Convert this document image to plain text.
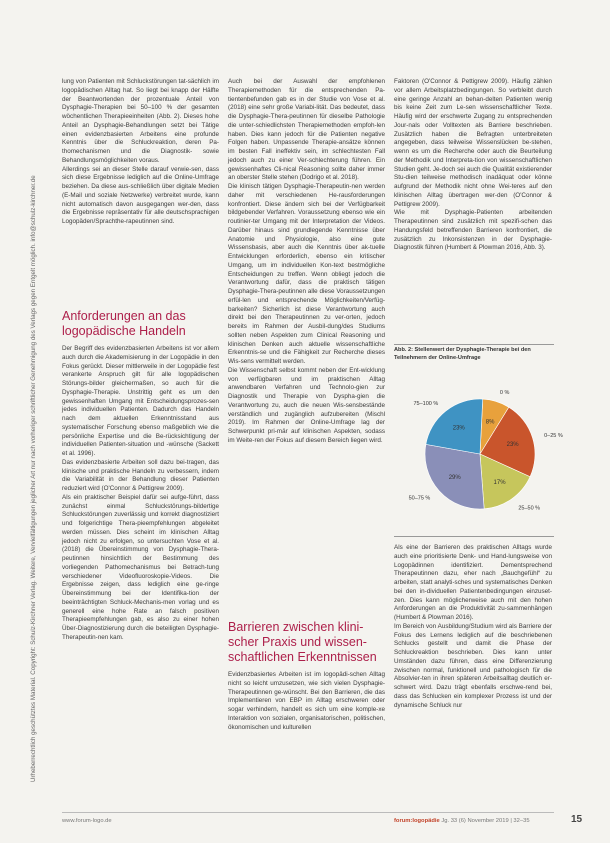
Urheberrechtlich geschütztes Material. Copyright: Schulz-Kirchner Verlag. Weitere, Vervielfältigungen jeglicher Art nur nach vorheriger schriftlicher Genehmigung des Verlags gegen Entgelt möglich. info@schulz-kirchner.de

lung von Patienten mit Schluckstörungen tat-sächlich im logopädischen Alltag hat. So liegt bei knapp der Hälfte der Beantwortenden der prozentuale Anteil von Dysphagie-Therapien bei 50–100 % der gesamten wöchentlichen Therapieeinheiten (Abb. 2). Dieses hohe Anteil an Dysphagie-Behandlungen setzt bei Tätige einen evidenzbasierten Arbeitens eine profunde Kenntnis über die Schluckreaktion, deren Pa-thomechanismen und die Diagnostik- sowie Behandlungsmöglichkeiten voraus.

Allerdings sei an dieser Stelle darauf verwie-sen, dass sich diese Ergebnisse lediglich auf die Online-Umfrage beziehen. Da diese aus-schließlich über digitale Medien (E-Mail und soziale Netzwerke) verbreitet wurde, kann nicht automatisch davon ausgegangen wer-den, dass die Ergebnisse repräsentativ für alle deutschsprachigen Logopäden/Sprachthe-rapeutinnen sind.

Anforderungen an das logopädische Handeln

Der Begriff des evidenzbasierten Arbeitens ist vor allem auch durch die Akademisierung in der Logopädie in den Fokus gerückt. Dieser mittlerweile in der Logopädie fest verankerte Anspruch gilt für alle logopädischen Störungs-bilder gleichermaßen, so auch für die Dysphagie-Therapie. Unstrittig geht es um den gewissenhaften Umgang mit Entscheidungsprozes-sen jedes individuellen Patienten. Dadurch das Handeln nach dem aktuellen Erkenntnisstand aus systematischer Forschung ebenso maßgeblich wie die persönliche Expertise und die Be-rücksichtigung der individuellen Patienten-situation und -wünsche (Sackett et al. 1996).

Das evidenzbasierte Arbeiten soll dazu bei-tragen, das klinische und praktische Handeln zu verbessern, indem die Variabilität in der Behandlung dieser Patienten reduziert wird (O'Connor & Pettigrew 2009).

Als ein praktischer Beispiel dafür sei aufge-führt, dass zunächst einmal Schluckstörungs-bildertige Schluckstörungen zuverlässig und korrekt diagnostiziert und folgerichtige Thera-pieempfehlungen abgeleitet werden müssen. Dies scheint im klinischen Alltag jedoch nicht zu erfolgen, so untersuchten Vose et al. (2018) die Übereinstimmung von Dysphagie-Thera-peutinnen hinsichtlich der Bestimmung des vorliegenden Pathomechanismus bei Betrach-tung verschiedener Videofluoroskopie-Videos. Die Ergebnisse zeigen, dass lediglich eine ge-ringe Übereinstimmung bei der Identifika-tion der beeinträchtigten Schluck-Mechanis-men vorlag und es generell eine hohe Rate an falsch positiven Therapieempfehlungen gab, es also zu einer hohen Über-Diagnostizierung durch die beteiligten Dysphagie-Therapeutin-nen kam.

Auch bei der Auswahl der empfohlenen Therapiemethoden für die entsprechenden Pa-tientenbefunden gab es in der Studie von Vose et al. (2018) eine sehr große Variabi-lität. Das bedeutet, dass die Dysphagie-Thera-peutinnen für dieselbe Pathologie die unter-schiedlichsten Therapiemethoden empfoh-len haben. Dies kann jedoch für die Patienten negative Folgen haben. Unpassende Therapie-ansätze können im besten Fall ineffektiv sein, im schlechtesten Fall jedoch auch zu einer Ver-schlechterung führen. Ein gewissenhaftes Cli-nical Reasoning sollte daher immer an oberster Stelle stehen (Dodrigo et al. 2018).

Die klinisch tätigen Dysphagie-Therapeutin-nen werden daher mit verschiedenen He-rausforderungen konfrontiert. Diese ändern sich bei der Verfügbarkeit bildgebender Verfahren. Voraussetzung ebenso wie ein routinier-ter Umgang mit der Interpretation der Videos. Darüber hinaus sind grundlegende Kenntnisse über Anatomie und Physiologie, also eine gute Wissensbasis, aber auch die Kenntnis über ak-tuelle Entwicklungen erforderlich, ebenso ein kritischer Umgang, um im individuellen Kon-text bestmögliche Entscheidungen zu treffen. Wenn obliegt jedoch die Verantwortung dafür, dass die praktisch tätigen Dysphagie-Thera-peutinnen alle diese Voraussetzungen erfül-len und entsprechende Möglichkeiten/Verfüg-barkeiten? Sicherlich ist diese Verantwortung auch direkt bei den Therapeutinnen zu ver-orten, jedoch bereits im Rahmen der Ausbil-dung/des Studiums sollten neben Aspekten zum Clinical Reasoning und klinischen Denken auch aktuelle wissenschaftliche Erkenntnis-se und die Fähigkeit zur Recherche dieses Wis-sens vermittelt werden.

Die Wissenschaft selbst kommt neben der Ent-wicklung von verfügbaren und im praktischen Alltag anwendbaren Verfahren und Technolo-gien zur Diagnostik und Therapie von Dyspha-gien die Verantwortung zu, auch die neuen Wis-sensbestände verständlich und zugänglich aufzubereiten (Mischl 2019). Im Rahmen der Online-Umfrage lag der Schwerpunkt pri-mär auf klinischen Aspekten, sodass im Weite-ren der Fokus auf diesem Bereich liegen wird.

Barrieren zwischen klini-scher Praxis und wissen-schaftlichen Erkenntnissen

Evidenzbasiertes Arbeiten ist im logopädi-schen Alltag nicht so leicht umzusetzen, wie sich vielen Dysphagie-Therapeutinnen ge-wünscht. Bei den Barrieren, die das Implementieren von EBP im Alltag erschweren oder sogar verhindern, handelt es sich um eine komple-xe Interaktion von sozialen, organisatorischen, politischen, ökonomischen und kulturellen

Faktoren (O'Connor & Pettigrew 2009). Häufig zählen vor allem Arbeitsplatzbedingungen. So verbleibt durch eine geringe Anzahl an behan-delten Patienten wenig bis keine Zeit zum Le-sen wissenschaftlicher Texte. Häufig wird der erschwerte Zugang zu entsprechenden Jour-nals oder Volltexten als Barriere beschrieben. Zusätzlich haben die Befragten unterbreiteten angegeben, dass teilweise Wissenslücken be-stehen, wenn es um die Recherche oder auch die Beurteilung der Methodik und Interpreta-tion von wissenschaftlichen Studien geht. Je-doch sei auch die Qualität existierender Stu-dien teilweise methodisch inadäquat oder könne aufgrund der Methodik nicht ohne Wei-teres auf den klinischen Alltag übertragen wer-den (O'Connor & Pettigrew 2009).

Wie mit Dysphagie-Patienten arbeitenden Therapeutinnen sind zusätzlich mit spezifi-schen das Handungsfeld betreffenden Barrieren konfrontiert, die zusätzlich zu Inkonsistenzen in der Dysphagie-Diagnostik führen (Humbert & Plowman 2016, Abb. 3).

Abb. 2: Stellenwert der Dysphagie-Therapie bei den Teilnehmern der Online-Umfrage
8%
0 %
23%
0–25 %
17%
25–50 %
29%
50–75 %
23%
75–100 %

Als eine der Barrieren des praktischen Alltags wurde auch eine prioritisierte Denk- und Hand-lungsweise von Logopädinnen identifiziert. Dementsprechend Therapeutinnen dazu, eher nach „Bauchgefühl“ zu arbeiten, statt analyti-sches und systematisches Denken bei den in-dividuellen Patientenbedingungen einzuset-zen. Dies kann möglicherweise auch mit den hohen Anforderungen an die Produktivität zu-sammenhängen (Humbert & Plowman 2016).

Im Bereich von Ausbildung/Studium wird als Barriere der Fokus des Lernens lediglich auf die beschriebenen Schlucks gestellt und damit die Phase der Schluckreaktion beschrieben. Dies kann unter Umständen dazu führen, dass eine Differenzierung zwischen normal, funktionell und pathologisch für die Absolvier-ten in ihren späteren Arbeitsalltag deutlich er-schwert wird. Dazu trägt ebenfalls erschwe-rend bei, dass das Schlucken ein komplexer Prozess ist und der dynamische Schluck nur

www.forum-logo.de	forum:logopädie Jg. 33 (6) November 2019 | 32–35	15
